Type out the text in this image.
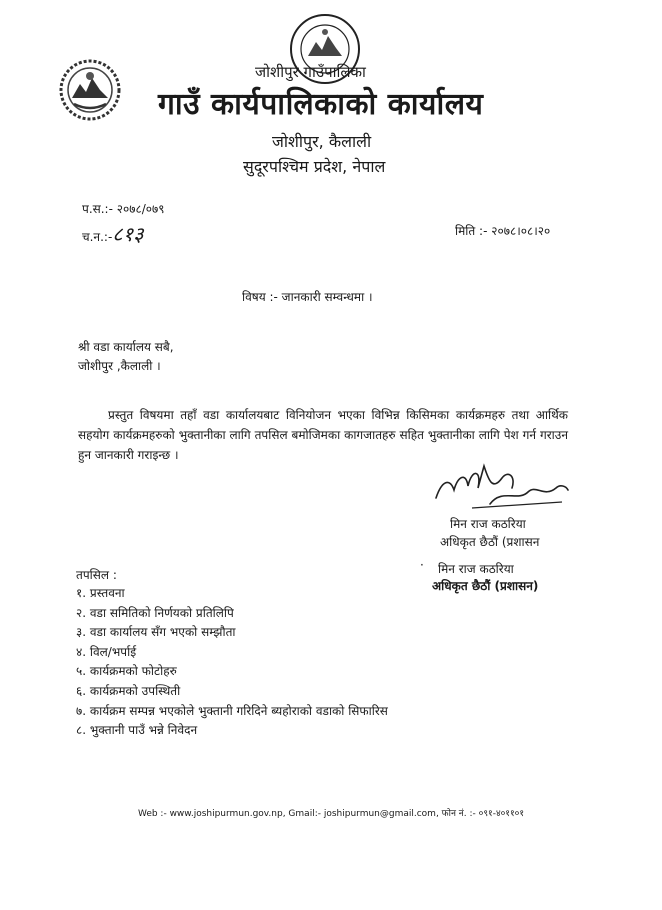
जोशीपुर गाउँपालिका
गाउँ कार्यपालिकाको कार्यालय
जोशीपुर, कैलाली
सुदूरपश्चिम प्रदेश, नेपाल
प.स.:- २०७८/०७९
च.न.:-८१३	मिति :- २०७८।०८।२०
विषय :- जानकारी सम्वन्धमा ।
श्री वडा कार्यालय सबै,
जोशीपुर ,कैलाली ।
प्रस्तुत विषयमा तहाँ वडा कार्यालयबाट विनियोजन भएका विभिन्न किसिमका कार्यक्रमहरु तथा आर्थिक सहयोग कार्यक्रमहरुको भुक्तानीका लागि तपसिल बमोजिमका कागजातहरु सहित भुक्तानीका लागि पेश गर्न गराउन हुन जानकारी गराइन्छ ।
मिन राज कठरिया
अधिकृत छैठौं (प्रशासन
· मिन राज कठरिया
अधिकृत छैठौं (प्रशासन)
तपसिल :
१. प्रस्तवना
२. वडा समितिको निर्णयको प्रतिलिपि
३. वडा कार्यालय सँग भएको सम्झौता
४. विल/भर्पाई
५. कार्यक्रमको फोटोहरु
६. कार्यक्रमको उपस्थिती
७. कार्यक्रम सम्पन्न भएकोले भुक्तानी गरिदिने ब्यहोराको वडाको सिफारिस
८. भुक्तानी पाउँ भन्ने निवेदन
Web :- www.joshipurmun.gov.np, Gmail:- joshipurmun@gmail.com, फोन नं. :- ०९१-४०११०१
